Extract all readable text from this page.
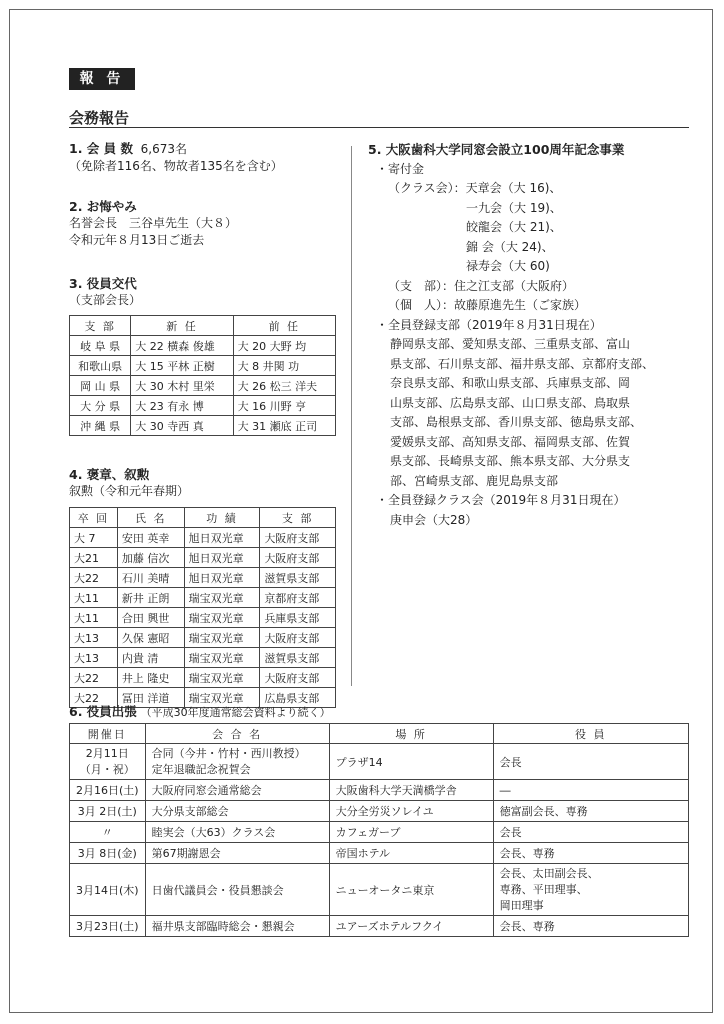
報 告
会務報告
1. 会 員 数 6,673名
（免除者116名、物故者135名を含む）
2. お悔やみ
名誉会長　三谷卓先生（大８）
令和元年８月13日ご逝去
3. 役員交代
（支部会長）
支 部	新 任	前 任
岐 阜 県	大 22 横森 俊雄	大 20 大野 均
和歌山県	大 15 平林 正樹	大 8 井関 功
岡 山 県	大 30 木村 里栄	大 26 松三 洋夫
大 分 県	大 23 有永 博	大 16 川野 亨
沖 縄 県	大 30 寺西 真	大 31 瀬底 正司
4. 褒章、叙勲
叙勲（令和元年春期）
卒 回	氏 名	功 績	支 部
大 7	安田 英幸	旭日双光章	大阪府支部
大21	加藤 信次	旭日双光章	大阪府支部
大22	石川 美晴	旭日双光章	滋賀県支部
大11	新井 正朗	瑞宝双光章	京都府支部
大11	合田 興世	瑞宝双光章	兵庫県支部
大13	久保 憲昭	瑞宝双光章	大阪府支部
大13	内貴 清	瑞宝双光章	滋賀県支部
大22	井上 隆史	瑞宝双光章	大阪府支部
大22	冨田 洋道	瑞宝双光章	広島県支部
5. 大阪歯科大学同窓会設立100周年記念事業
・寄付金
（クラス会）：天章会（大 16)、
一九会（大 19)、
皎龍会（大 21)、
錦 会（大 24)、
禄寿会（大 60)
（支　部）：住之江支部（大阪府）
（個　人）：故藤原進先生（ご家族）
・全員登録支部（2019年８月31日現在）
静岡県支部、愛知県支部、三重県支部、富山
県支部、石川県支部、福井県支部、京都府支部、
奈良県支部、和歌山県支部、兵庫県支部、岡
山県支部、広島県支部、山口県支部、鳥取県
支部、島根県支部、香川県支部、徳島県支部、
愛媛県支部、高知県支部、福岡県支部、佐賀
県支部、長崎県支部、熊本県支部、大分県支
部、宮崎県支部、鹿児島県支部
・全員登録クラス会（2019年８月31日現在）
庚申会（大28）
6. 役員出張 （平成30年度通常総会資料より続く）
開催日	会 合 名	場 所	役 員
2月11日
（月・祝）	合同（今井・竹村・西川教授）
定年退職記念祝賀会	プラザ14	会長
2月16日(土)	大阪府同窓会通常総会	大阪歯科大学天満橋学舎	―
3月 2日(土)	大分県支部総会	大分全労災ソレイユ	徳富副会長、専務
〃	睦実会（大63）クラス会	カフェガーブ	会長
3月 8日(金)	第67期謝恩会	帝国ホテル	会長、専務
3月14日(木)	日歯代議員会・役員懇談会	ニューオータニ東京	会長、太田副会長、
専務、平田理事、
岡田理事
3月23日(土)	福井県支部臨時総会・懇親会	ユアーズホテルフクイ	会長、専務
